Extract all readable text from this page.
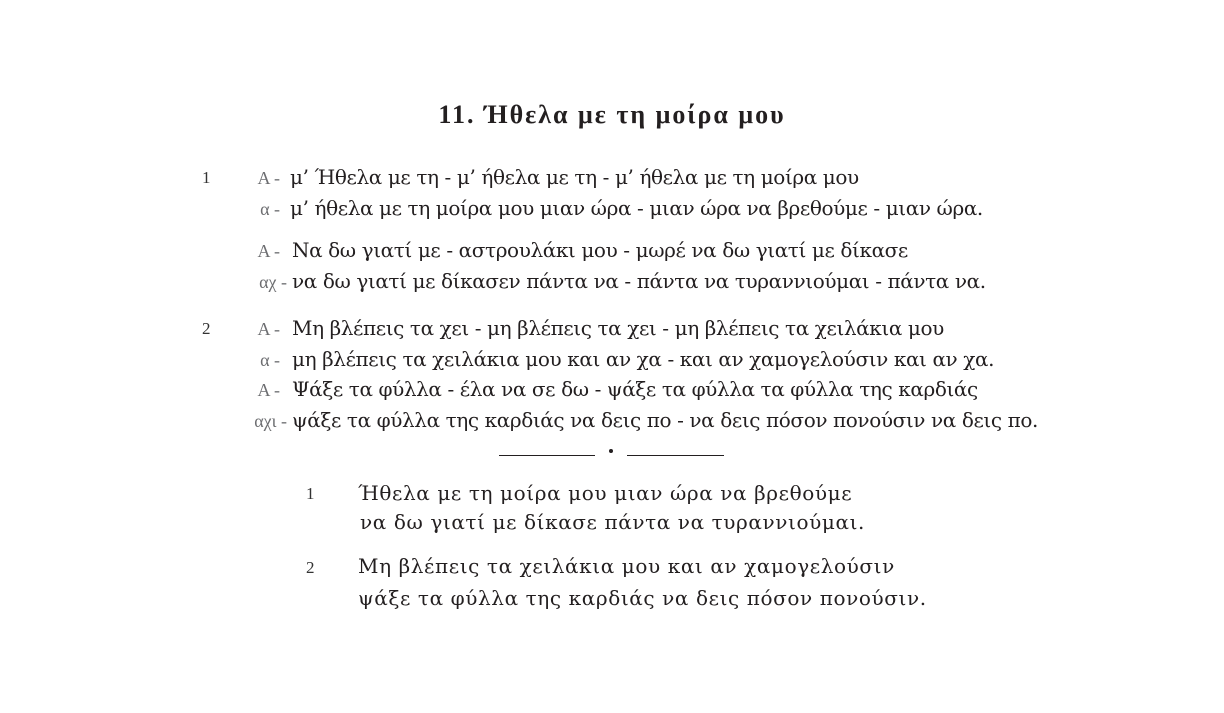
11. Ήθελα με τη μοίρα μου
1	Α - μ’ Ήθελα με τη - μ’ ήθελα με τη - μ’ ήθελα με τη μοίρα μου
α - μ’ ήθελα με τη μοίρα μου μιαν ώρα - μιαν ώρα να βρεθούμε - μιαν ώρα.
Α - Να δω γιατί με - αστρουλάκι μου - μωρέ να δω γιατί με δίκασε
αχ - να δω γιατί με δίκασεν πάντα να - πάντα να τυραννιούμαι - πάντα να.
2	Α - Μη βλέπεις τα χει - μη βλέπεις τα χει - μη βλέπεις τα χειλάκια μου
α - μη βλέπεις τα χειλάκια μου και αν χα - και αν χαμογελούσιν και αν χα.
Α - Ψάξε τα φύλλα - έλα να σε δω - ψάξε τα φύλλα τα φύλλα της καρδιάς
αχι - ψάξε τα φύλλα της καρδιάς να δεις πο - να δεις πόσον πονούσιν να δεις πο.
1 Ήθελα με τη μοίρα μου μιαν ώρα να βρεθούμε
να δω γιατί με δίκασε πάντα να τυραννιούμαι.
2 Μη βλέπεις τα χειλάκια μου και αν χαμογελούσιν
ψάξε τα φύλλα της καρδιάς να δεις πόσον πονούσιν.
